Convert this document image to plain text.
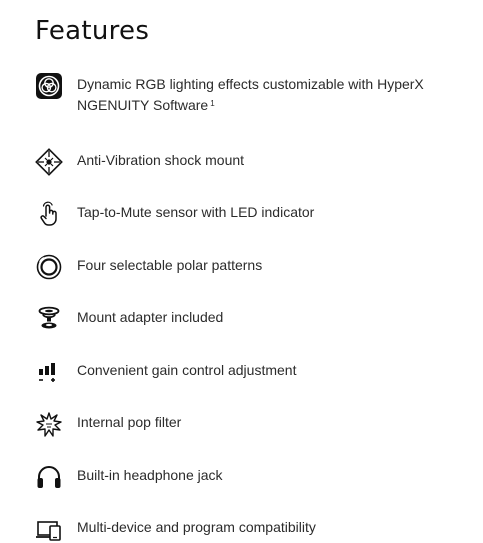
Features
Dynamic RGB lighting effects customizable with HyperX NGENUITY Software $^1$
Anti-Vibration shock mount
Tap-to-Mute sensor with LED indicator
Four selectable polar patterns
Mount adapter included
Convenient gain control adjustment
Internal pop filter
Built-in headphone jack
Multi-device and program compatibility
